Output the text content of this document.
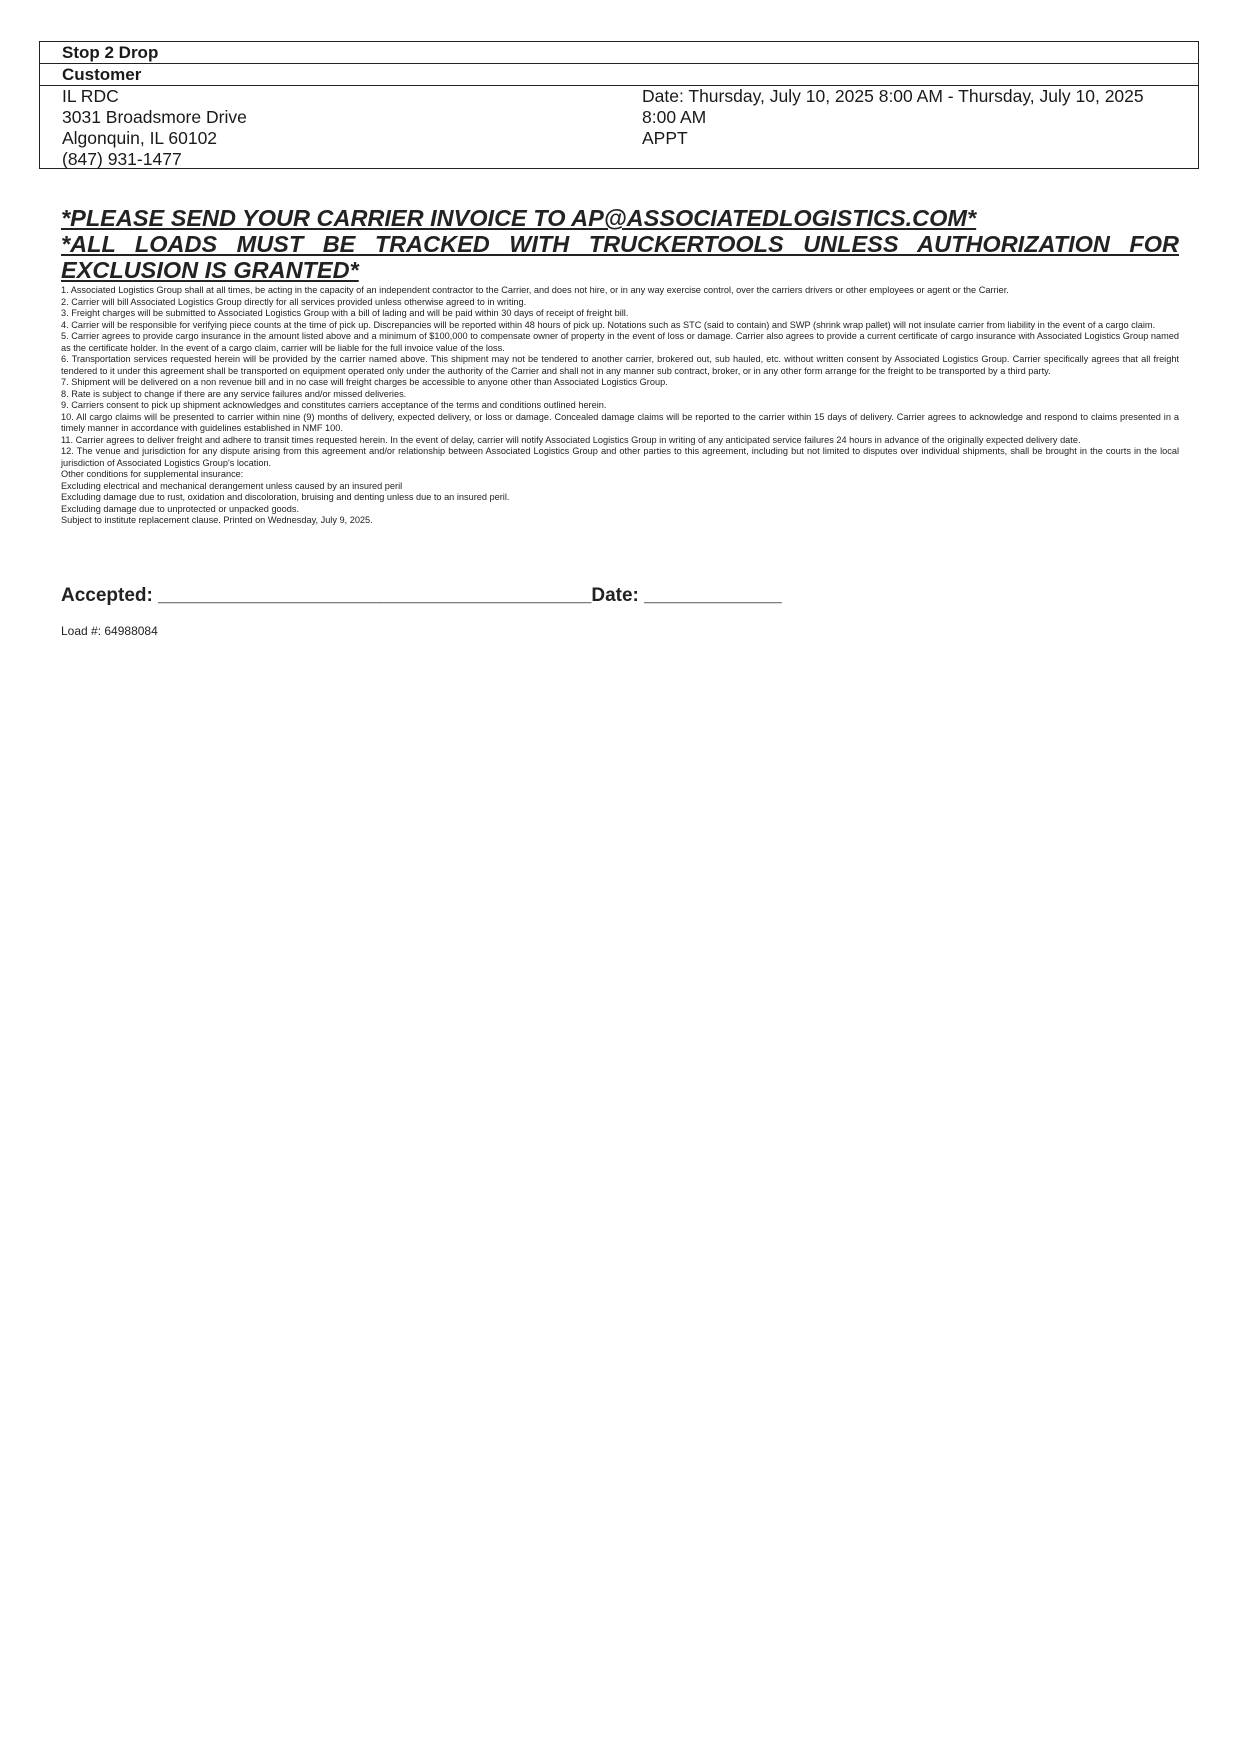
Stop 2 Drop
Customer
IL RDC
3031 Broadsmore Drive
Algonquin, IL 60102
(847) 931-1477
Date: Thursday, July 10, 2025 8:00 AM - Thursday, July 10, 2025 8:00 AM
APPT
*PLEASE SEND YOUR CARRIER INVOICE TO AP@ASSOCIATEDLOGISTICS.COM*
*ALL LOADS MUST BE TRACKED WITH TRUCKERTOOLS UNLESS AUTHORIZATION FOR EXCLUSION IS GRANTED*

1. Associated Logistics Group shall at all times, be acting in the capacity of an independent contractor to the Carrier, and does not hire, or in any way exercise control, over the carriers drivers or other employees or agent or the Carrier.

2. Carrier will bill Associated Logistics Group directly for all services provided unless otherwise agreed to in writing.

3. Freight charges will be submitted to Associated Logistics Group with a bill of lading and will be paid within 30 days of receipt of freight bill.

4. Carrier will be responsible for verifying piece counts at the time of pick up. Discrepancies will be reported within 48 hours of pick up. Notations such as STC (said to contain) and SWP (shrink wrap pallet) will not insulate carrier from liability in the event of a cargo claim.

5. Carrier agrees to provide cargo insurance in the amount listed above and a minimum of $100,000 to compensate owner of property in the event of loss or damage. Carrier also agrees to provide a current certificate of cargo insurance with Associated Logistics Group named as the certificate holder. In the event of a cargo claim, carrier will be liable for the full invoice value of the loss.

6. Transportation services requested herein will be provided by the carrier named above. This shipment may not be tendered to another carrier, brokered out, sub hauled, etc. without written consent by Associated Logistics Group. Carrier specifically agrees that all freight tendered to it under this agreement shall be transported on equipment operated only under the authority of the Carrier and shall not in any manner sub contract, broker, or in any other form arrange for the freight to be transported by a third party.

7. Shipment will be delivered on a non revenue bill and in no case will freight charges be accessible to anyone other than Associated Logistics Group.

8. Rate is subject to change if there are any service failures and/or missed deliveries.

9. Carriers consent to pick up shipment acknowledges and constitutes carriers acceptance of the terms and conditions outlined herein.

10. All cargo claims will be presented to carrier within nine (9) months of delivery, expected delivery, or loss or damage. Concealed damage claims will be reported to the carrier within 15 days of delivery. Carrier agrees to acknowledge and respond to claims presented in a timely manner in accordance with guidelines established in NMF 100.

11. Carrier agrees to deliver freight and adhere to transit times requested herein. In the event of delay, carrier will notify Associated Logistics Group in writing of any anticipated service failures 24 hours in advance of the originally expected delivery date.

12. The venue and jurisdiction for any dispute arising from this agreement and/or relationship between Associated Logistics Group and other parties to this agreement, including but not limited to disputes over individual shipments, shall be brought in the courts in the local jurisdiction of Associated Logistics Group's location.

Other conditions for supplemental insurance:

Excluding electrical and mechanical derangement unless caused by an insured peril

Excluding damage due to rust, oxidation and discoloration, bruising and denting unless due to an insured peril.

Excluding damage due to unprotected or unpacked goods.

Subject to institute replacement clause. Printed on Wednesday, July 9, 2025.

Accepted: _________________________________________Date: _____________
Load #: 64988084
